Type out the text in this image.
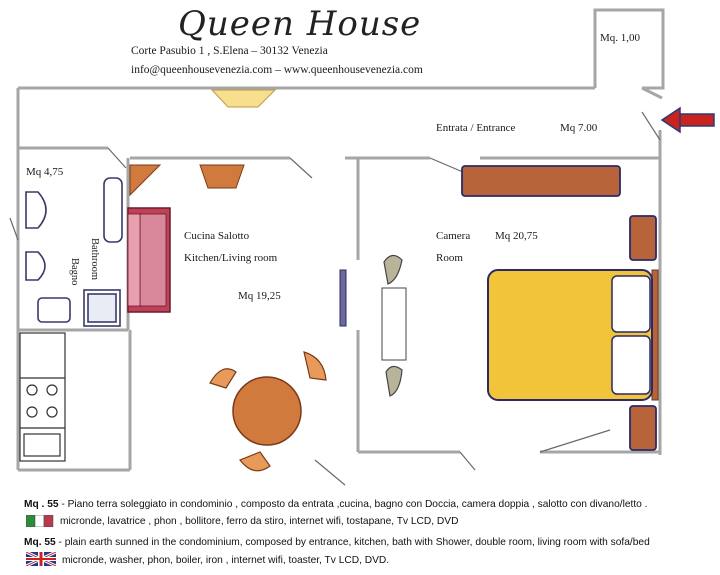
Queen House
Corte Pasubio 1 , S.Elena – 30132 Venezia
info@queenhousevenezia.com – www.queenhousevenezia.com
Mq. 1,00
Entrata / Entrance	Mq 7.00
Mq 4,75
Bagno Bathroom
Cucina Salotto
Kitchen/Living room
Mq 19,25
Camera Mq 20,75
Room
Mq . 55 - Piano terra soleggiato in condominio , composto da entrata ,cucina, bagno con Doccia, camera doppia , salotto con divano/letto .
micronde, lavatrice , phon , bollitore, ferro da stiro, internet wifi, tostapane, Tv LCD, DVD
Mq. 55 - plain earth sunned in the condominium, composed by entrance, kitchen, bath with Shower, double room, living room with sofa/bed
micronde, washer, phon, boiler, iron , internet wifi, toaster, Tv LCD, DVD.
